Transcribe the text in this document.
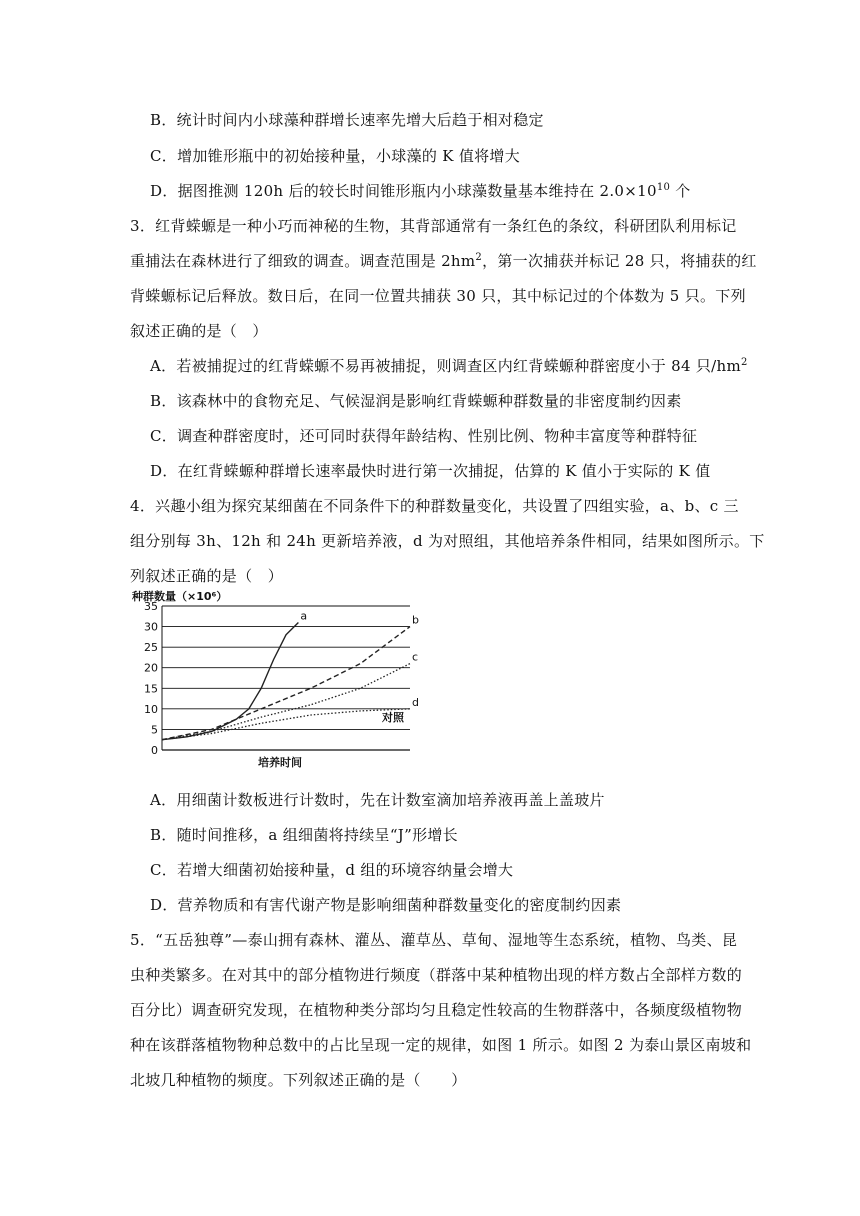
B．统计时间内小球藻种群增长速率先增大后趋于相对稳定
C．增加锥形瓶中的初始接种量，小球藻的 K 值将增大
D．据图推测 120h 后的较长时间锥形瓶内小球藻数量基本维持在 $2.0\times 10^{10}$ 个
3．红背蝾螈是一种小巧而神秘的生物，其背部通常有一条红色的条纹，科研团队利用标记
重捕法在森林进行了细致的调查。调查范围是 $2hm^2$，第一次捕获并标记 28 只，将捕获的红
背蝾螈标记后释放。数日后，在同一位置共捕获 30 只，其中标记过的个体数为 5 只。下列
叙述正确的是（　）
A．若被捕捉过的红背蝾螈不易再被捕捉，则调查区内红背蝾螈种群密度小于 84 只$/hm^2$
B．该森林中的食物充足、气候湿润是影响红背蝾螈种群数量的非密度制约因素
C．调查种群密度时，还可同时获得年龄结构、性别比例、物种丰富度等种群特征
D．在红背蝾螈种群增长速率最快时进行第一次捕捉，估算的 K 值小于实际的 K 值
4．兴趣小组为探究某细菌在不同条件下的种群数量变化，共设置了四组实验，a、b、c 三
组分别每 3h、12h 和 24h 更新培养液，d 为对照组，其他培养条件相同，结果如图所示。下
列叙述正确的是（　）
种群数量（×10⁶）
0
5
10
15
20
25
30
35
a	b
c
d
对照
培养时间
A．用细菌计数板进行计数时，先在计数室滴加培养液再盖上盖玻片
B．随时间推移，a 组细菌将持续呈“J”形增长
C．若增大细菌初始接种量，d 组的环境容纳量会增大
D．营养物质和有害代谢产物是影响细菌种群数量变化的密度制约因素
5．“五岳独尊”—泰山拥有森林、灌丛、灌草丛、草甸、湿地等生态系统，植物、鸟类、昆
虫种类繁多。在对其中的部分植物进行频度（群落中某种植物出现的样方数占全部样方数的
百分比）调查研究发现，在植物种类分部均匀且稳定性较高的生物群落中，各频度级植物物
种在该群落植物物种总数中的占比呈现一定的规律，如图 1 所示。如图 2 为泰山景区南坡和
北坡几种植物的频度。下列叙述正确的是（　　）
